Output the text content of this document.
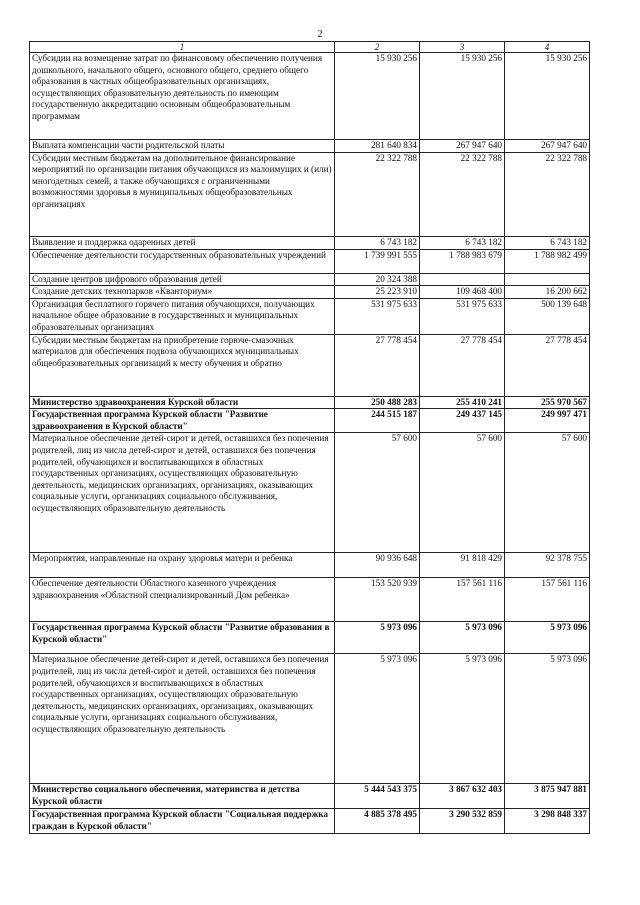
2
1	2	3	4
Субсидии на возмещение затрат по финансовому обеспечению получения дошкольного, начального общего, основного общего, среднего общего образования в частных общеобразовательных организациях, осуществляющих образовательную деятельность по имеющим государственную аккредитацию основным общеобразовательным программам	15 930 256	15 930 256	15 930 256
Выплата компенсации части родительской платы	281 640 834	267 947 640	267 947 640
Субсидии местным бюджетам на дополнительное финансирование мероприятий по организации питания обучающихся из малоимущих и (или) многодетных семей, а также обучающихся с ограниченными возможностями здоровья в муниципальных общеобразовательных организациях	22 322 788	22 322 788	22 322 788
Выявление и поддержка одаренных детей	6 743 182	6 743 182	6 743 182
Обеспечение деятельности государственных образовательных учреждений	1 739 991 555	1 788 983 679	1 788 982 499
Создание центров цифрового образования детей	20 324 388		
Создание детских технопарков «Кванториум»	25 223 910	109 468 400	16 200 662
Организация бесплатного горячего питания обучающихся, получающих начальное общее образование в государственных и муниципальных образовательных организациях	531 975 633	531 975 633	500 139 648
Субсидии местным бюджетам на приобретение горюче-смазочных материалов для обеспечения подвоза обучающихся муниципальных общеобразовательных организаций к месту обучения и обратно	27 778 454	27 778 454	27 778 454
Министерство здравоохранения Курской области	250 488 283	255 410 241	255 970 567
Государственная программа Курской области "Развитие здравоохранения в Курской области"	244 515 187	249 437 145	249 997 471
Материальное обеспечение детей-сирот и детей, оставшихся без попечения родителей, лиц из числа детей-сирот и детей, оставшихся без попечения родителей, обучающихся и воспитывающихся в областных государственных организациях, осуществляющих образовательную деятельность, медицинских организациях, организациях, оказывающих социальные услуги, организациях социального обслуживания, осуществляющих образовательную деятельность	57 600	57 600	57 600
Мероприятия, направленные на охрану здоровья матери и ребенка	90 936 648	91 818 429	92 378 755
Обеспечение деятельности Областного казенного учреждения здравоохранения «Областной специализированный Дом ребенка»	153 520 939	157 561 116	157 561 116
Государственная программа Курской области "Развитие образования в Курской области"	5 973 096	5 973 096	5 973 096
Материальное обеспечение детей-сирот и детей, оставшихся без попечения родителей, лиц из числа детей-сирот и детей, оставшихся без попечения родителей, обучающихся и воспитывающихся в областных государственных организациях, осуществляющих образовательную деятельность, медицинских организациях, организациях, оказывающих социальные услуги, организациях социального обслуживания, осуществляющих образовательную деятельность	5 973 096	5 973 096	5 973 096
Министерство социального обеспечения, материнства и детства Курской области	5 444 543 375	3 867 632 403	3 875 947 881
Государственная программа Курской области "Социальная поддержка граждан в Курской области"	4 885 378 495	3 290 532 859	3 298 848 337
